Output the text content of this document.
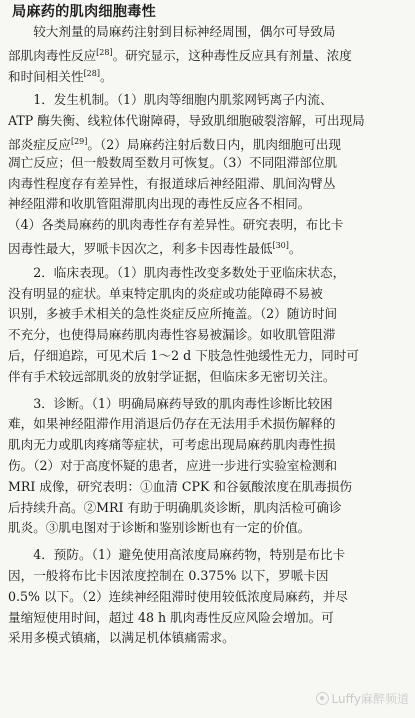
局麻药的肌肉细胞毒性
　　较大剂量的局麻药注射到目标神经周围，偶尔可导致局
部肌肉毒性反应[28]。研究显示，这种毒性反应具有剂量、浓度
和时间相关性[28]。
　　1．发生机制。（1）肌肉等细胞内肌浆网钙离子内流、
ATP 酶失衡、线粒体代谢障碍，导致肌细胞破裂溶解，可出现局
部炎症反应[29]。（2）局麻药注射后数日内，肌肉细胞可出现
凋亡反应；但一般数周至数月可恢复。（3）不同阻滞部位肌
肉毒性程度存有差异性，有报道球后神经阻滞、肌间沟臂丛
神经阻滞和收肌管阻滞肌肉出现的毒性反应各不相同。
（4）各类局麻药的肌肉毒性存有差异性。研究表明，布比卡
因毒性最大，罗哌卡因次之，利多卡因毒性最低[30]。
　　2．临床表现。（1）肌肉毒性改变多数处于亚临床状态，
没有明显的症状。单束特定肌肉的炎症或功能障碍不易被
识别，多被手术相关的急性炎症反应所掩盖。（2）随访时间
不充分，也使得局麻药肌肉毒性容易被漏诊。如收肌管阻滞
后，仔细追踪，可见术后 1～2 d 下肢急性弛缓性无力，同时可
伴有手术较远部肌炎的放射学证据，但临床多无密切关注。
　　3．诊断。（1）明确局麻药导致的肌肉毒性诊断比较困
难，如果神经阻滞作用消退后仍存在无法用手术损伤解释的
肌肉无力或肌肉疼痛等症状，可考虑出现局麻药肌肉毒性损
伤。（2）对于高度怀疑的患者，应进一步进行实验室检测和
MRI 成像，研究表明：①血清 CPK 和谷氨酸浓度在肌毒损伤
后持续升高。②MRI 有助于明确肌炎诊断，肌肉活检可确诊
肌炎。③肌电图对于诊断和鉴别诊断也有一定的价值。
　　4．预防。（1）避免使用高浓度局麻药物，特别是布比卡
因，一般将布比卡因浓度控制在 0.375% 以下，罗哌卡因
0.5% 以下。（2）连续神经阻滞时使用较低浓度局麻药，并尽
量缩短使用时间，超过 48 h 肌肉毒性反应风险会增加。可
采用多模式镇痛，以满足机体镇痛需求。
Luffy麻醉频道
